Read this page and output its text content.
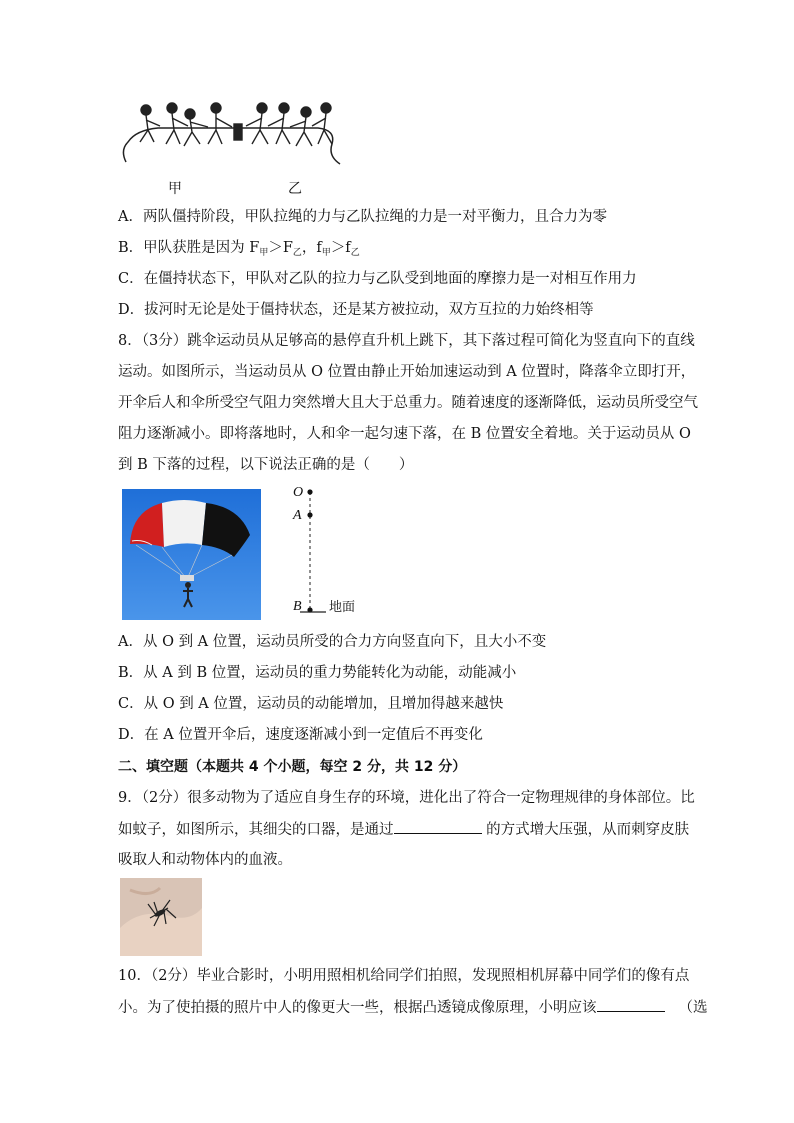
甲	乙
A．两队僵持阶段，甲队拉绳的力与乙队拉绳的力是一对平衡力，且合力为零
B．甲队获胜是因为 $F_甲>F_乙$，$f_甲>f_乙$
C．在僵持状态下，甲队对乙队的拉力与乙队受到地面的摩擦力是一对相互作用力
D．拔河时无论是处于僵持状态，还是某方被拉动，双方互拉的力始终相等
8．（3分）跳伞运动员从足够高的悬停直升机上跳下，其下落过程可简化为竖直向下的直线
运动。如图所示，当运动员从 O 位置由静止开始加速运动到 A 位置时，降落伞立即打开，
开伞后人和伞所受空气阻力突然增大且大于总重力。随着速度的逐渐降低，运动员所受空气
阻力逐渐减小。即将落地时，人和伞一起匀速下落，在 B 位置安全着地。关于运动员从 O
到 B 下落的过程，以下说法正确的是（　　）
O
A
B 地面
A．从 O 到 A 位置，运动员所受的合力方向竖直向下，且大小不变
B．从 A 到 B 位置，运动员的重力势能转化为动能，动能减小
C．从 O 到 A 位置，运动员的动能增加，且增加得越来越快
D．在 A 位置开伞后，速度逐渐减小到一定值后不再变化
二、填空题（本题共 4 个小题，每空 2 分，共 12 分）
9．（2分）很多动物为了适应自身生存的环境，进化出了符合一定物理规律的身体部位。比
如蚊子，如图所示，其细尖的口器，是通过	的方式增大压强，从而刺穿皮肤
吸取人和动物体内的血液。
10．（2分）毕业合影时，小明用照相机给同学们拍照，发现照相机屏幕中同学们的像有点
小。为了使拍摄的照片中人的像更大一些，根据凸透镜成像原理，小明应该	（选
